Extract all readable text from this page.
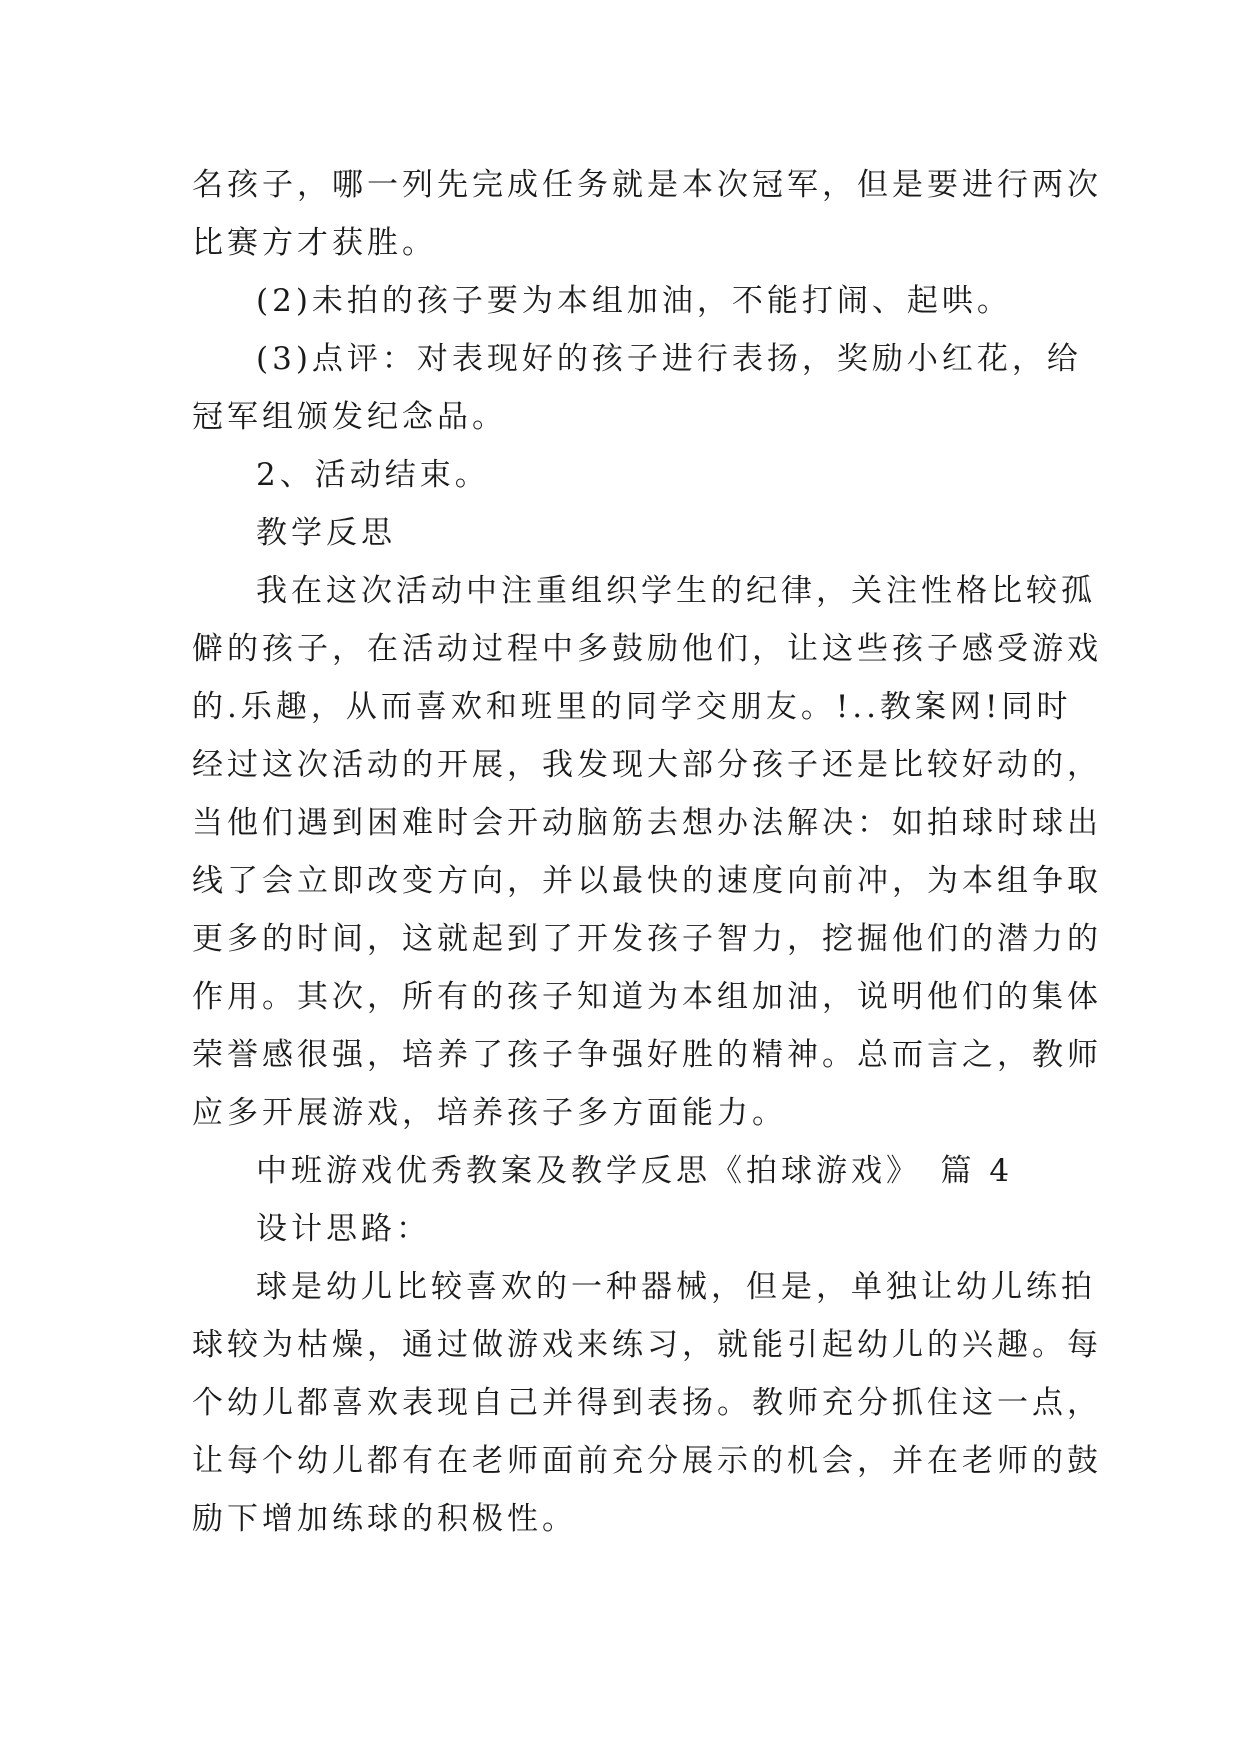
名孩子，哪一列先完成任务就是本次冠军，但是要进行两次
比赛方才获胜。
(2)未拍的孩子要为本组加油，不能打闹、起哄。
(3)点评：对表现好的孩子进行表扬，奖励小红花，给
冠军组颁发纪念品。
2、活动结束。
教学反思
我在这次活动中注重组织学生的纪律，关注性格比较孤
僻的孩子，在活动过程中多鼓励他们，让这些孩子感受游戏
的.乐趣，从而喜欢和班里的同学交朋友。!..教案网!同时
经过这次活动的开展，我发现大部分孩子还是比较好动的，
当他们遇到困难时会开动脑筋去想办法解决：如拍球时球出
线了会立即改变方向，并以最快的速度向前冲，为本组争取
更多的时间，这就起到了开发孩子智力，挖掘他们的潜力的
作用。其次，所有的孩子知道为本组加油，说明他们的集体
荣誉感很强，培养了孩子争强好胜的精神。总而言之，教师
应多开展游戏，培养孩子多方面能力。
中班游戏优秀教案及教学反思《拍球游戏》　篇 4
设计思路：
球是幼儿比较喜欢的一种器械，但是，单独让幼儿练拍
球较为枯燥，通过做游戏来练习，就能引起幼儿的兴趣。每
个幼儿都喜欢表现自己并得到表扬。教师充分抓住这一点，
让每个幼儿都有在老师面前充分展示的机会，并在老师的鼓
励下增加练球的积极性。
